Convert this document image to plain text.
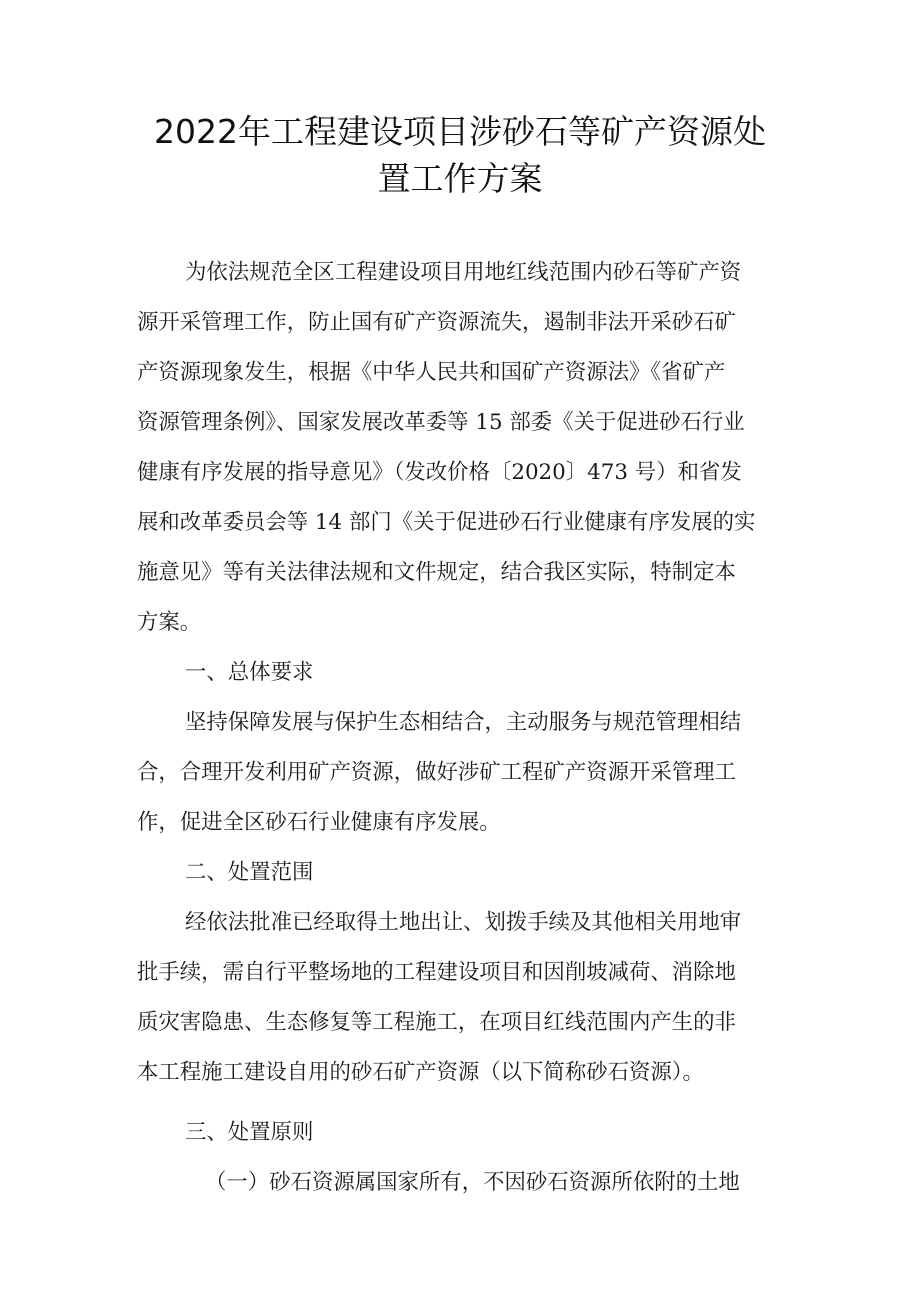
2022年工程建设项目涉砂石等矿产资源处
置工作方案
为依法规范全区工程建设项目用地红线范围内砂石等矿产资
源开采管理工作，防止国有矿产资源流失，遏制非法开采砂石矿
产资源现象发生，根据《中华人民共和国矿产资源法》《省矿产
资源管理条例》、国家发展改革委等 15 部委《关于促进砂石行业
健康有序发展的指导意见》（发改价格〔2020〕473 号）和省发
展和改革委员会等 14 部门《关于促进砂石行业健康有序发展的实
施意见》等有关法律法规和文件规定，结合我区实际，特制定本
方案。
一、总体要求
坚持保障发展与保护生态相结合，主动服务与规范管理相结
合，合理开发利用矿产资源，做好涉矿工程矿产资源开采管理工
作，促进全区砂石行业健康有序发展。
二、处置范围
经依法批准已经取得土地出让、划拨手续及其他相关用地审
批手续，需自行平整场地的工程建设项目和因削坡减荷、消除地
质灾害隐患、生态修复等工程施工，在项目红线范围内产生的非
本工程施工建设自用的砂石矿产资源（以下简称砂石资源）。
三、处置原则
（一）砂石资源属国家所有，不因砂石资源所依附的土地
